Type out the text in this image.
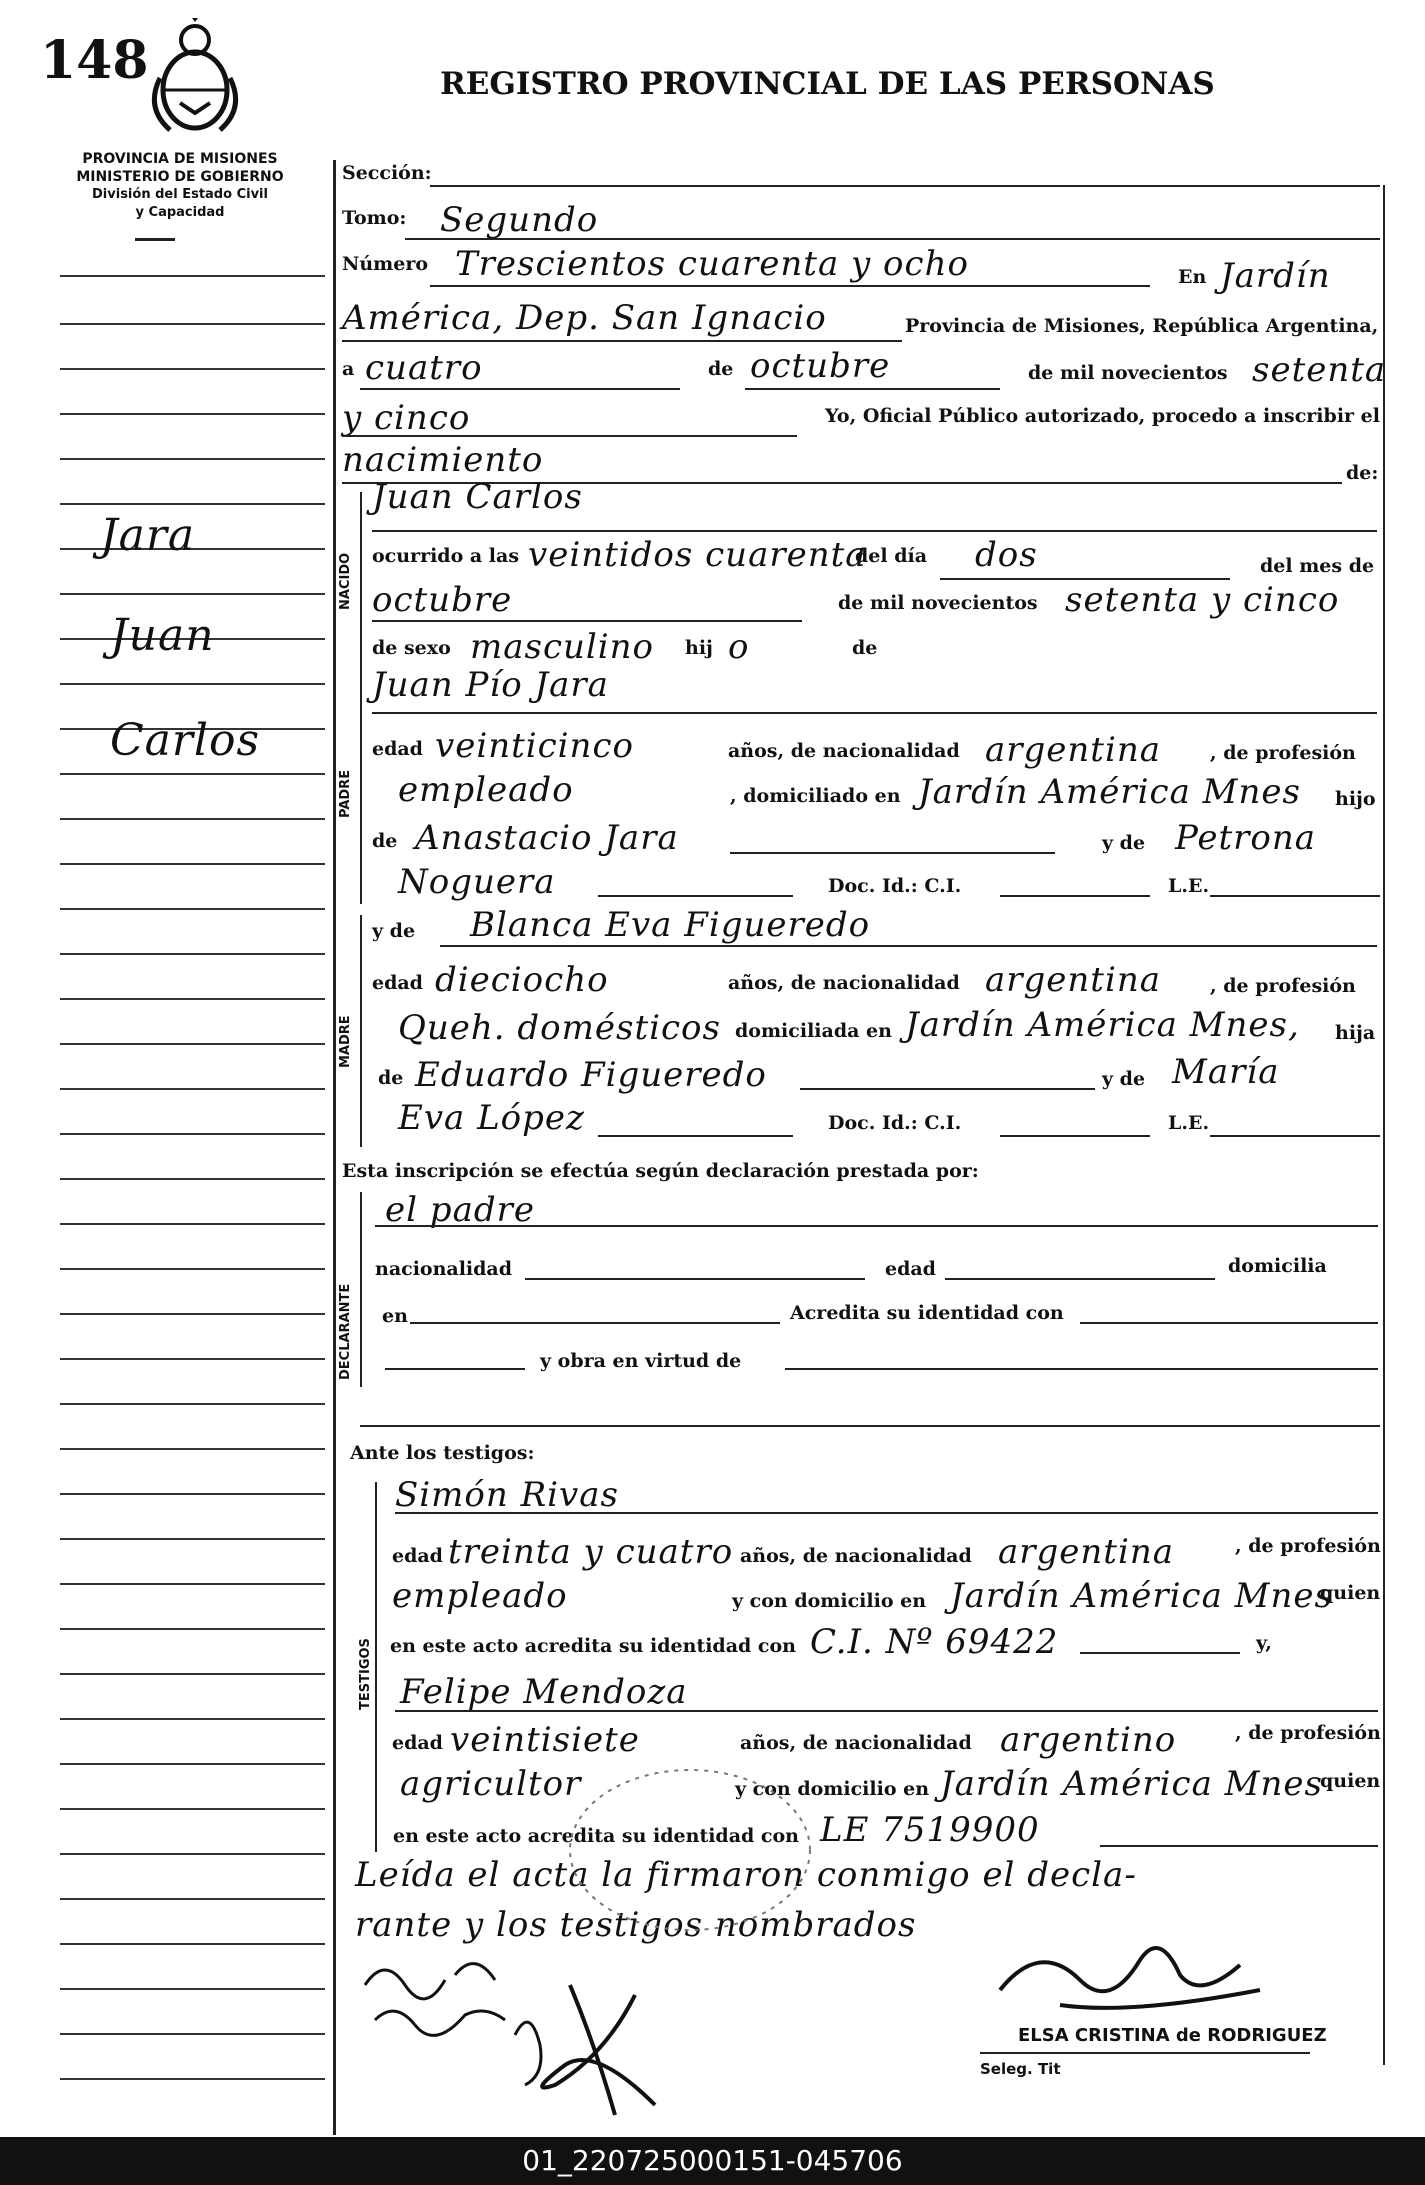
148	REGISTRO PROVINCIAL DE LAS PERSONAS
PROVINCIA DE MISIONES
MINISTERIO DE GOBIERNO
División del Estado Civil
y Capacidad
Jara
Juan
Carlos
Sección:
Tomo: Segundo
Número Trescientos cuarenta y ocho	En Jardín
América, Dep. San Ignacio	Provincia de Misiones, República Argentina,
a cuatro	de octubre	de mil novecientos setenta
y cinco	Yo, Oficial Público autorizado, procedo a inscribir el
nacimiento	de:
NACIDO
Juan Carlos
ocurrido a las veintidos cuarenta
del día dos	del mes de
octubre	de mil novecientos setenta y cinco
de sexo masculino hij o	de
PADRE
Juan Pío Jara
edad veinticinco	años, de nacionalidad argentina	, de profesión
empleado	, domiciliado en Jardín América Mnes hijo
de Anastacio Jara	y de Petrona
Noguera	Doc. Id.: C.I.	L.E.
MADRE
y de Blanca Eva Figueredo
edad dieciocho	años, de nacionalidad argentina	, de profesión
Queh. domésticos domiciliada en Jardín América Mnes, hija
de Eduardo Figueredo	y de María
Eva López	Doc. Id.: C.I.	L.E.
Esta inscripción se efectúa según declaración prestada por:
DECLARANTE
el padre
nacionalidad	edad	domicilia
en	Acredita su identidad con
y obra en virtud de
Ante los testigos:
TESTIGOS
Simón Rivas
edad treinta y cuatro años, de nacionalidad argentina	, de profesión
empleado	y con domicilio en Jardín América Mnes
quien
en este acto acredita su identidad con C.I. Nº 69422	y,
Felipe Mendoza
edad veintisiete	años, de nacionalidad argentino	, de profesión
agricultor	y con domicilio en Jardín América Mnes
quien
en este acto acredita su identidad con LE 7519900
Leída el acta la firmaron conmigo el decla-
rante y los testigos nombrados
ELSA CRISTINA de RODRIGUEZ
Seleg. Tit
01_220725000151-045706
